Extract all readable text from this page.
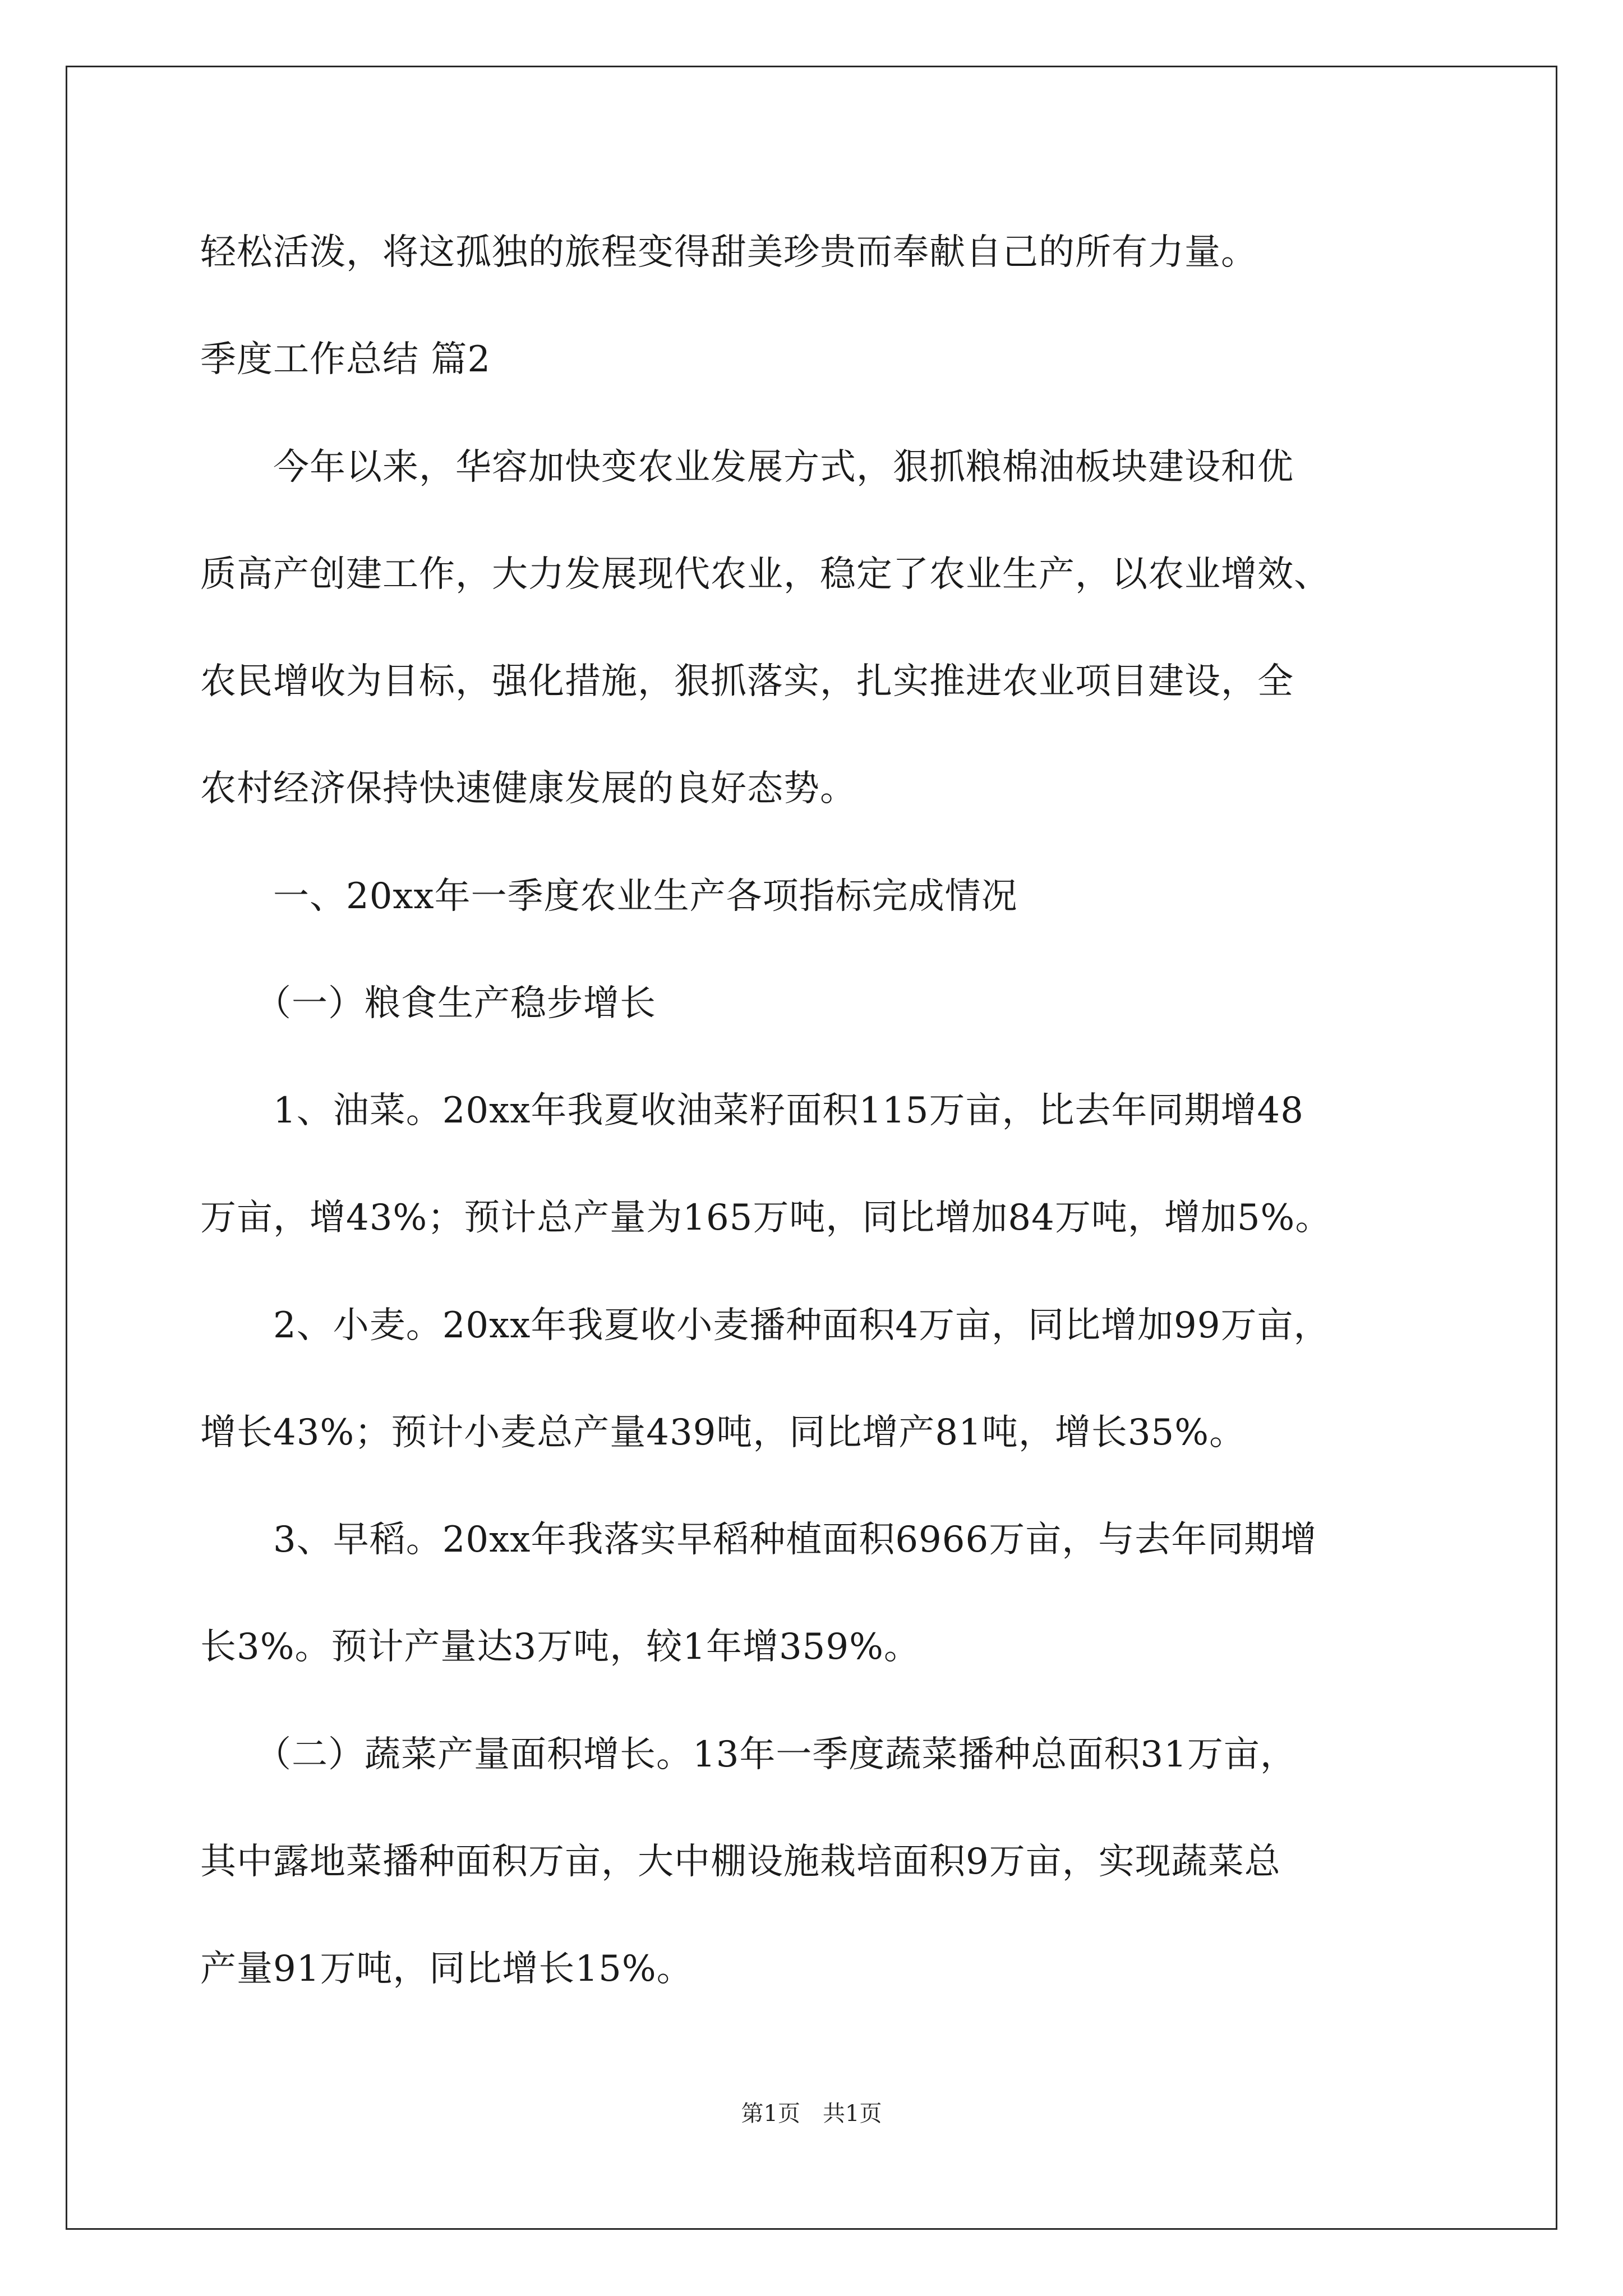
轻松活泼，将这孤独的旅程变得甜美珍贵而奉献自己的所有力量。

季度工作总结 篇2

　　今年以来，华容加快变农业发展方式，狠抓粮棉油板块建设和优

质高产创建工作，大力发展现代农业，稳定了农业生产，以农业增效、

农民增收为目标，强化措施，狠抓落实，扎实推进农业项目建设，全

农村经济保持快速健康发展的良好态势。

　　一、20xx年一季度农业生产各项指标完成情况

　　（一）粮食生产稳步增长

　　1、油菜。20xx年我夏收油菜籽面积115万亩，比去年同期增48

万亩，增43%；预计总产量为165万吨，同比增加84万吨，增加5%。

　　2、小麦。20xx年我夏收小麦播种面积4万亩，同比增加99万亩，

增长43%；预计小麦总产量439吨，同比增产81吨，增长35%。

　　3、早稻。20xx年我落实早稻种植面积6966万亩，与去年同期增

长3%。预计产量达3万吨，较1年增359%。

　　（二）蔬菜产量面积增长。13年一季度蔬菜播种总面积31万亩，

第1页　共1页

其中露地菜播种面积万亩，大中棚设施栽培面积9万亩，实现蔬菜总

产量91万吨，同比增长15%。
